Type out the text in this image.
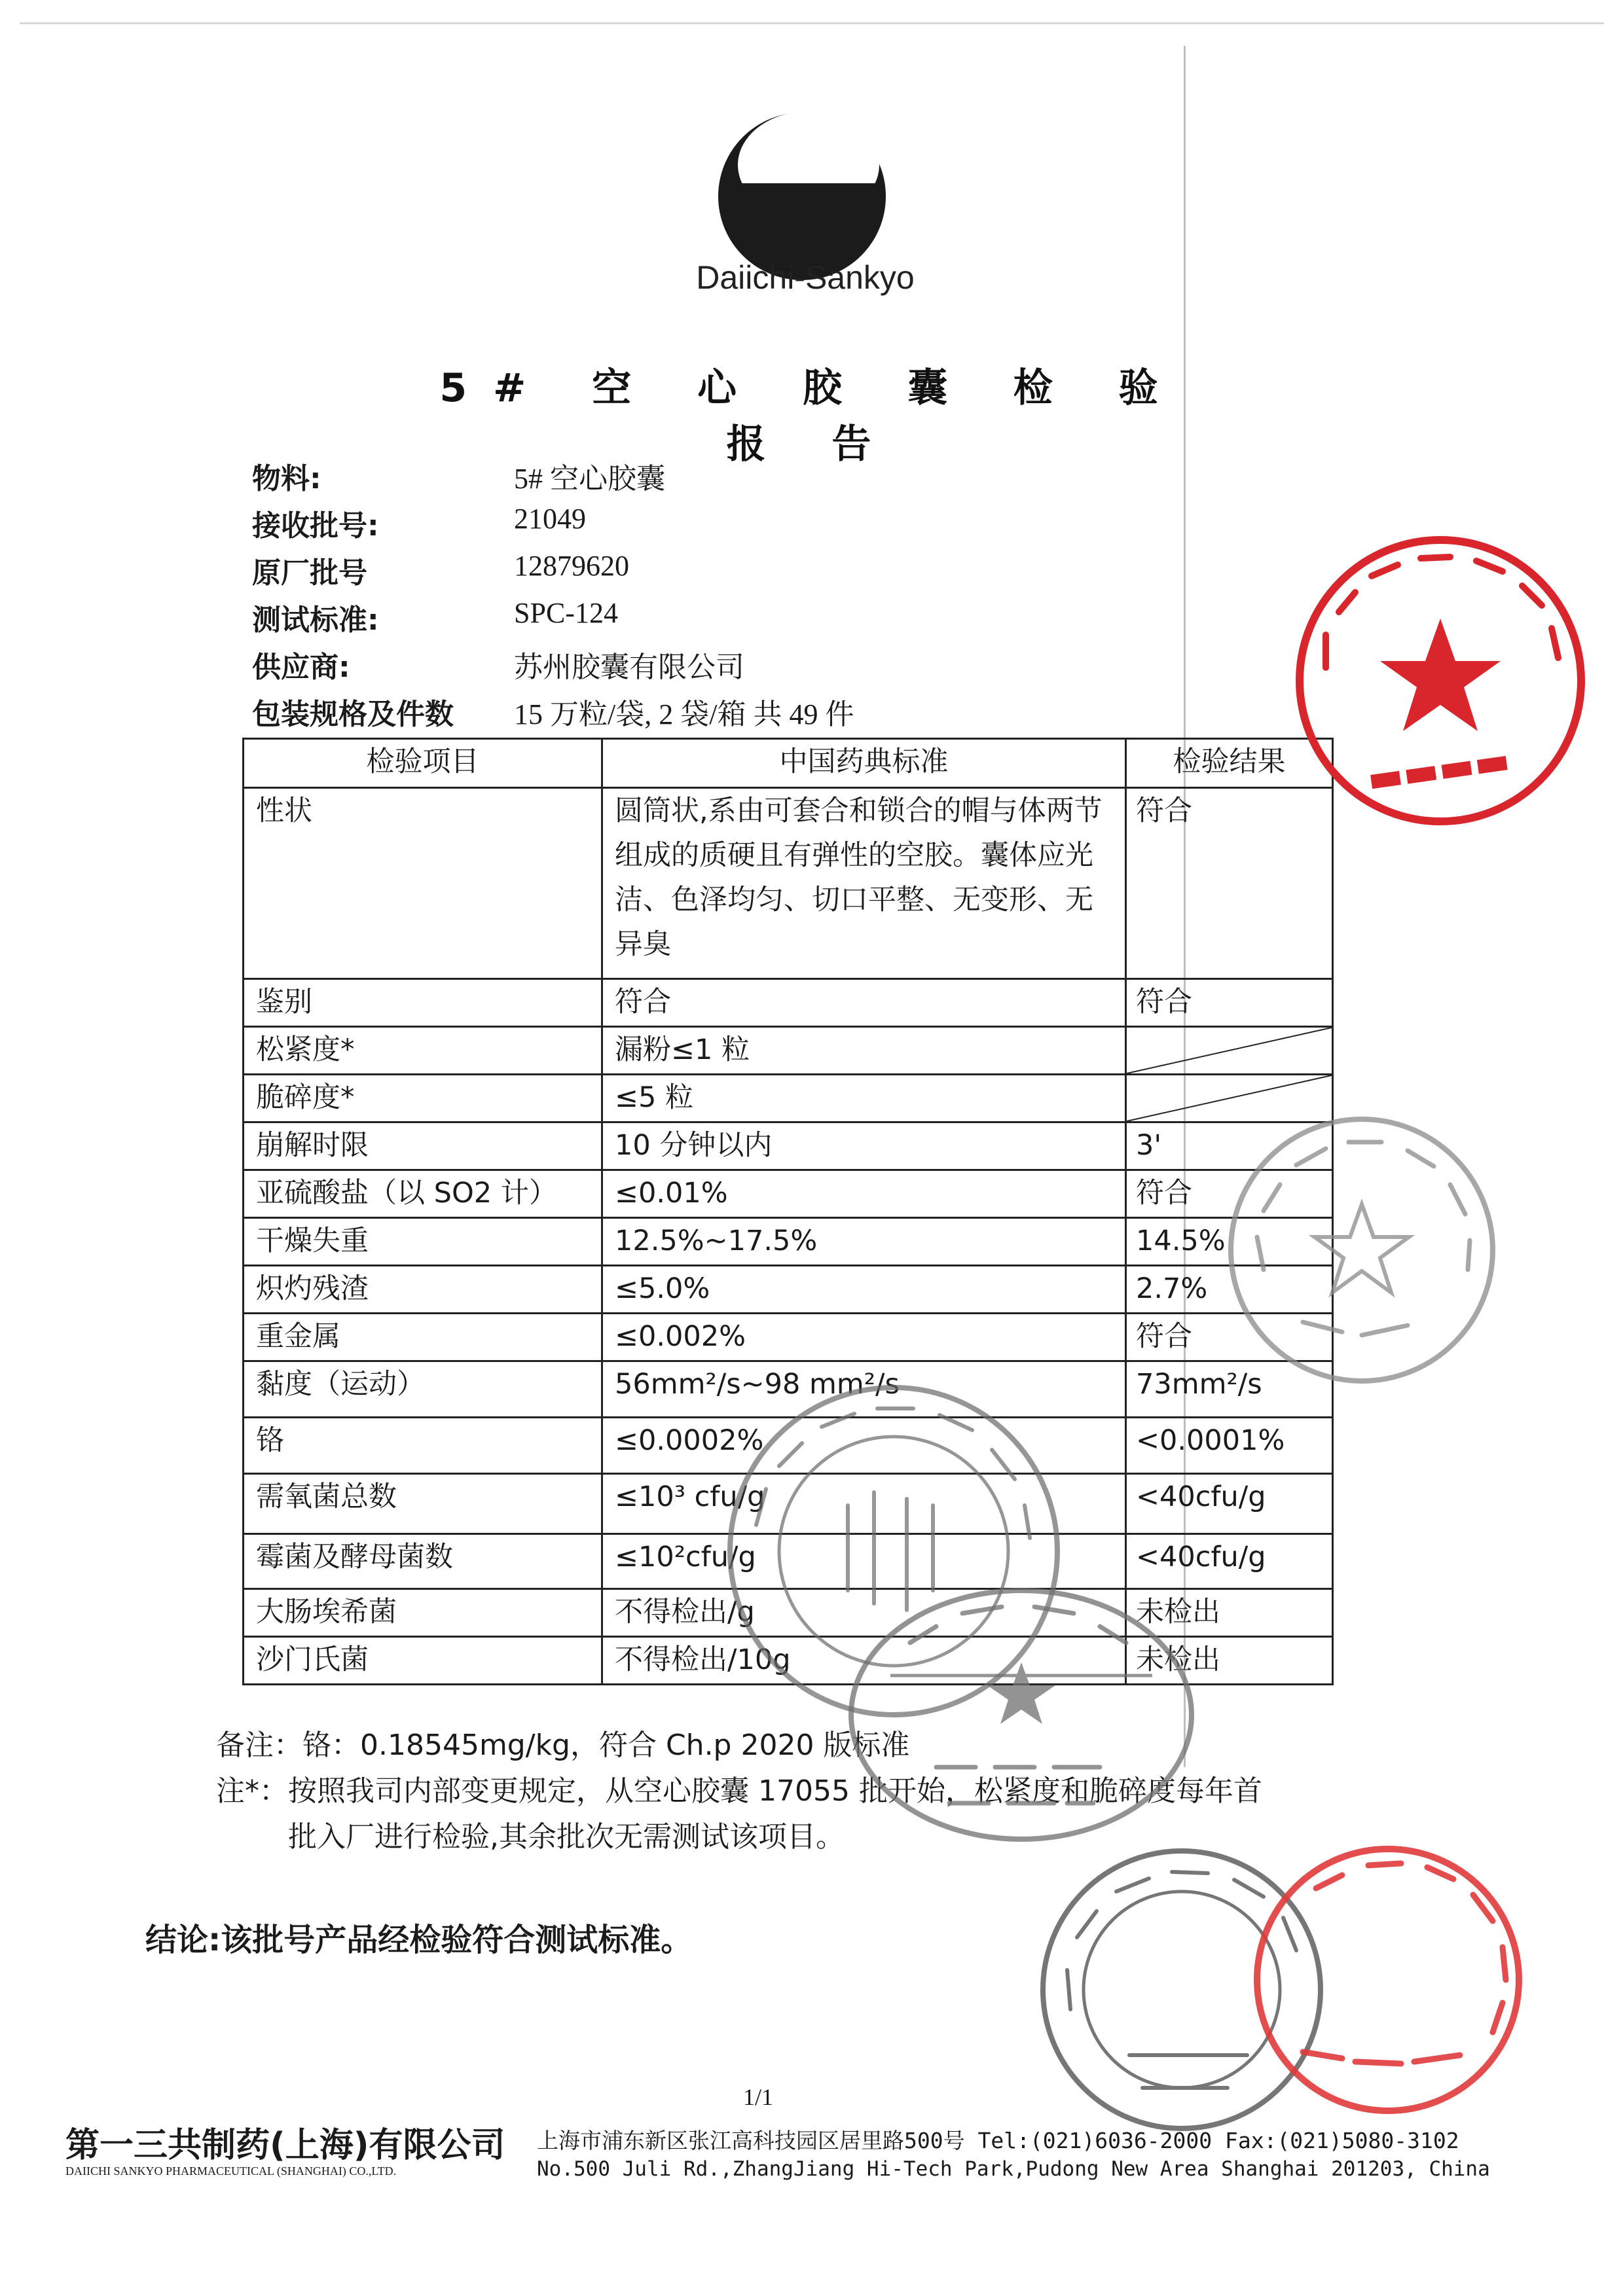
Daiichi-Sankyo
5# 空 心 胶 囊 检 验 报 告
物料:	5# 空心胶囊
接收批号:	21049
原厂批号	12879620
测试标准:	SPC-124
供应商:	苏州胶囊有限公司
包装规格及件数 15 万粒/袋, 2 袋/箱 共 49 件
检验项目	中国药典标准	检验结果
性状	圆筒状,系由可套合和锁合的帽与体两节组成的质硬且有弹性的空胶。囊体应光洁、色泽均匀、切口平整、无变形、无异臭	符合
鉴别	符合	符合
松紧度*	漏粉≤1 粒	

脆碎度*	≤5 粒	

崩解时限	10 分钟以内	3'
亚硫酸盐（以 SO2 计）	≤0.01%	符合
干燥失重	12.5%~17.5%	14.5%
炽灼残渣	≤5.0%	2.7%
重金属	≤0.002%	符合
黏度（运动）	56mm²/s~98 mm²/s	73mm²/s
铬	≤0.0002%	<0.0001%
需氧菌总数	≤10³ cfu/g	<40cfu/g
霉菌及酵母菌数	≤10²cfu/g	<40cfu/g
大肠埃希菌	不得检出/g	未检出
沙门氏菌	不得检出/10g	未检出
备注：铬：0.18545mg/kg，符合 Ch.p 2020 版标准
注*：按照我司内部变更规定，从空心胶囊 17055 批开始，松紧度和脆碎度每年首
批入厂进行检验,其余批次无需测试该项目。
结论:该批号产品经检验符合测试标准。
1/1
第一三共制药(上海)有限公司
DAIICHI SANKYO PHARMACEUTICAL (SHANGHAI) CO.,LTD.
上海市浦东新区张江高科技园区居里路500号 Tel:(021)6036-2000 Fax:(021)5080-3102
No.500 Juli Rd.,ZhangJiang Hi-Tech Park,Pudong New Area Shanghai 201203, China
▬▬▬▬
